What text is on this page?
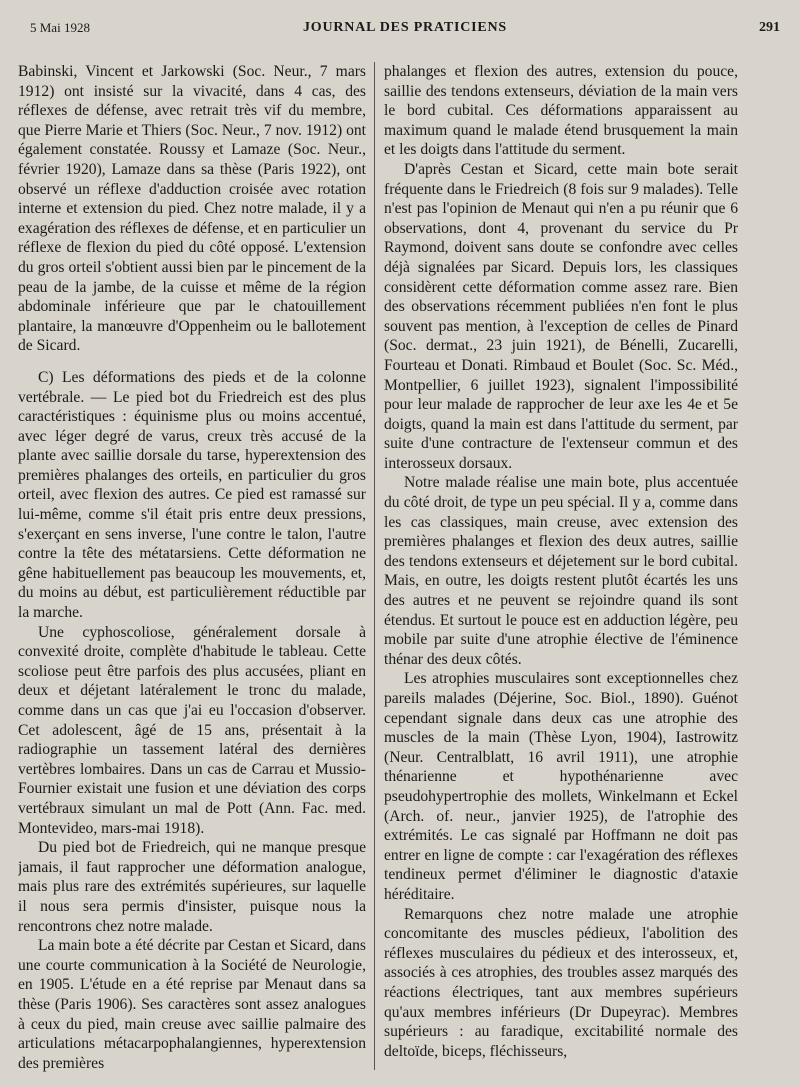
5 Mai 1928	JOURNAL DES PRATICIENS	291

Babinski, Vincent et Jarkowski (Soc. Neur., 7 mars 1912) ont insisté sur la vivacité, dans 4 cas, des réflexes de défense, avec retrait très vif du membre, que Pierre Marie et Thiers (Soc. Neur., 7 nov. 1912) ont également constatée. Roussy et Lamaze (Soc. Neur., février 1920), Lamaze dans sa thèse (Paris 1922), ont observé un réflexe d'adduction croisée avec rotation interne et extension du pied. Chez notre malade, il y a exagération des réflexes de défense, et en particulier un réflexe de flexion du pied du côté opposé. L'extension du gros orteil s'obtient aussi bien par le pincement de la peau de la jambe, de la cuisse et même de la région abdominale inférieure que par le chatouillement plantaire, la manœuvre d'Oppenheim ou le ballotement de Sicard.

C) Les déformations des pieds et de la colonne vertébrale. — Le pied bot du Friedreich est des plus caractéristiques : équinisme plus ou moins accentué, avec léger degré de varus, creux très accusé de la plante avec saillie dorsale du tarse, hyperextension des premières phalanges des orteils, en particulier du gros orteil, avec flexion des autres. Ce pied est ramassé sur lui-même, comme s'il était pris entre deux pressions, s'exerçant en sens inverse, l'une contre le talon, l'autre contre la tête des métatarsiens. Cette déformation ne gêne habituellement pas beaucoup les mouvements, et, du moins au début, est particulièrement réductible par la marche.

Une cyphoscoliose, généralement dorsale à convexité droite, complète d'habitude le tableau. Cette scoliose peut être parfois des plus accusées, pliant en deux et déjetant latéralement le tronc du malade, comme dans un cas que j'ai eu l'occasion d'observer. Cet adolescent, âgé de 15 ans, présentait à la radiographie un tassement latéral des dernières vertèbres lombaires. Dans un cas de Carrau et Mussio-Fournier existait une fusion et une déviation des corps vertébraux simulant un mal de Pott (Ann. Fac. med. Montevideo, mars-mai 1918).

Du pied bot de Friedreich, qui ne manque presque jamais, il faut rapprocher une déformation analogue, mais plus rare des extrémités supérieures, sur laquelle il nous sera permis d'insister, puisque nous la rencontrons chez notre malade.

La main bote a été décrite par Cestan et Sicard, dans une courte communication à la Société de Neurologie, en 1905. L'étude en a été reprise par Menaut dans sa thèse (Paris 1906). Ses caractères sont assez analogues à ceux du pied, main creuse avec saillie palmaire des articulations métacarpophalangiennes, hyperextension des premières

phalanges et flexion des autres, extension du pouce, saillie des tendons extenseurs, déviation de la main vers le bord cubital. Ces déformations apparaissent au maximum quand le malade étend brusquement la main et les doigts dans l'attitude du serment.

D'après Cestan et Sicard, cette main bote serait fréquente dans le Friedreich (8 fois sur 9 malades). Telle n'est pas l'opinion de Menaut qui n'en a pu réunir que 6 observations, dont 4, provenant du service du Pr Raymond, doivent sans doute se confondre avec celles déjà signalées par Sicard. Depuis lors, les classiques considèrent cette déformation comme assez rare. Bien des observations récemment publiées n'en font le plus souvent pas mention, à l'exception de celles de Pinard (Soc. dermat., 23 juin 1921), de Bénelli, Zucarelli, Fourteau et Donati. Rimbaud et Boulet (Soc. Sc. Méd., Montpellier, 6 juillet 1923), signalent l'impossibilité pour leur malade de rapprocher de leur axe les 4e et 5e doigts, quand la main est dans l'attitude du serment, par suite d'une contracture de l'extenseur commun et des interosseux dorsaux.

Notre malade réalise une main bote, plus accentuée du côté droit, de type un peu spécial. Il y a, comme dans les cas classiques, main creuse, avec extension des premières phalanges et flexion des deux autres, saillie des tendons extenseurs et déjetement sur le bord cubital. Mais, en outre, les doigts restent plutôt écartés les uns des autres et ne peuvent se rejoindre quand ils sont étendus. Et surtout le pouce est en adduction légère, peu mobile par suite d'une atrophie élective de l'éminence thénar des deux côtés.

Les atrophies musculaires sont exceptionnelles chez pareils malades (Déjerine, Soc. Biol., 1890). Guénot cependant signale dans deux cas une atrophie des muscles de la main (Thèse Lyon, 1904), Iastrowitz (Neur. Centralblatt, 16 avril 1911), une atrophie thénarienne et hypothénarienne avec pseudohypertrophie des mollets, Winkelmann et Eckel (Arch. of. neur., janvier 1925), de l'atrophie des extrémités. Le cas signalé par Hoffmann ne doit pas entrer en ligne de compte : car l'exagération des réflexes tendineux permet d'éliminer le diagnostic d'ataxie héréditaire.

Remarquons chez notre malade une atrophie concomitante des muscles pédieux, l'abolition des réflexes musculaires du pédieux et des interosseux, et, associés à ces atrophies, des troubles assez marqués des réactions électriques, tant aux membres supérieurs qu'aux membres inférieurs (Dr Dupeyrac). Membres supérieurs : au faradique, excitabilité normale des deltoïde, biceps, fléchisseurs,
